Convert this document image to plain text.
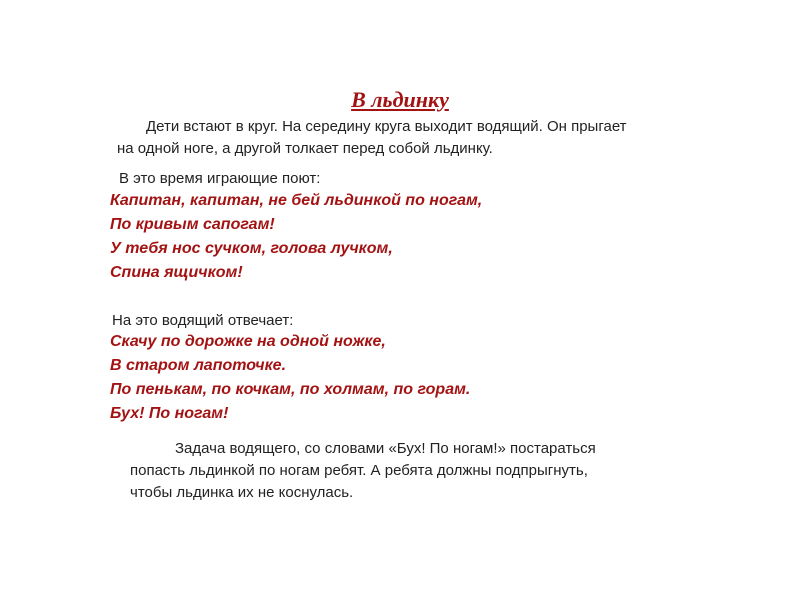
В льдинку
Дети встают в круг. На середину круга выходит водящий. Он прыгает
на одной ноге, а другой толкает перед собой льдинку.
В это время играющие поют:
Капитан, капитан, не бей льдинкой по ногам,
По кривым сапогам!
У тебя нос сучком, голова лучком,
Спина ящичком!
На это водящий отвечает:
Скачу по дорожке на одной ножке,
В старом лапоточке.
По пенькам, по кочкам, по холмам, по горам.
Бух! По ногам!
Задача водящего, со словами «Бух! По ногам!» постараться
попасть льдинкой по ногам ребят. А ребята должны подпрыгнуть,
чтобы льдинка их не коснулась.
